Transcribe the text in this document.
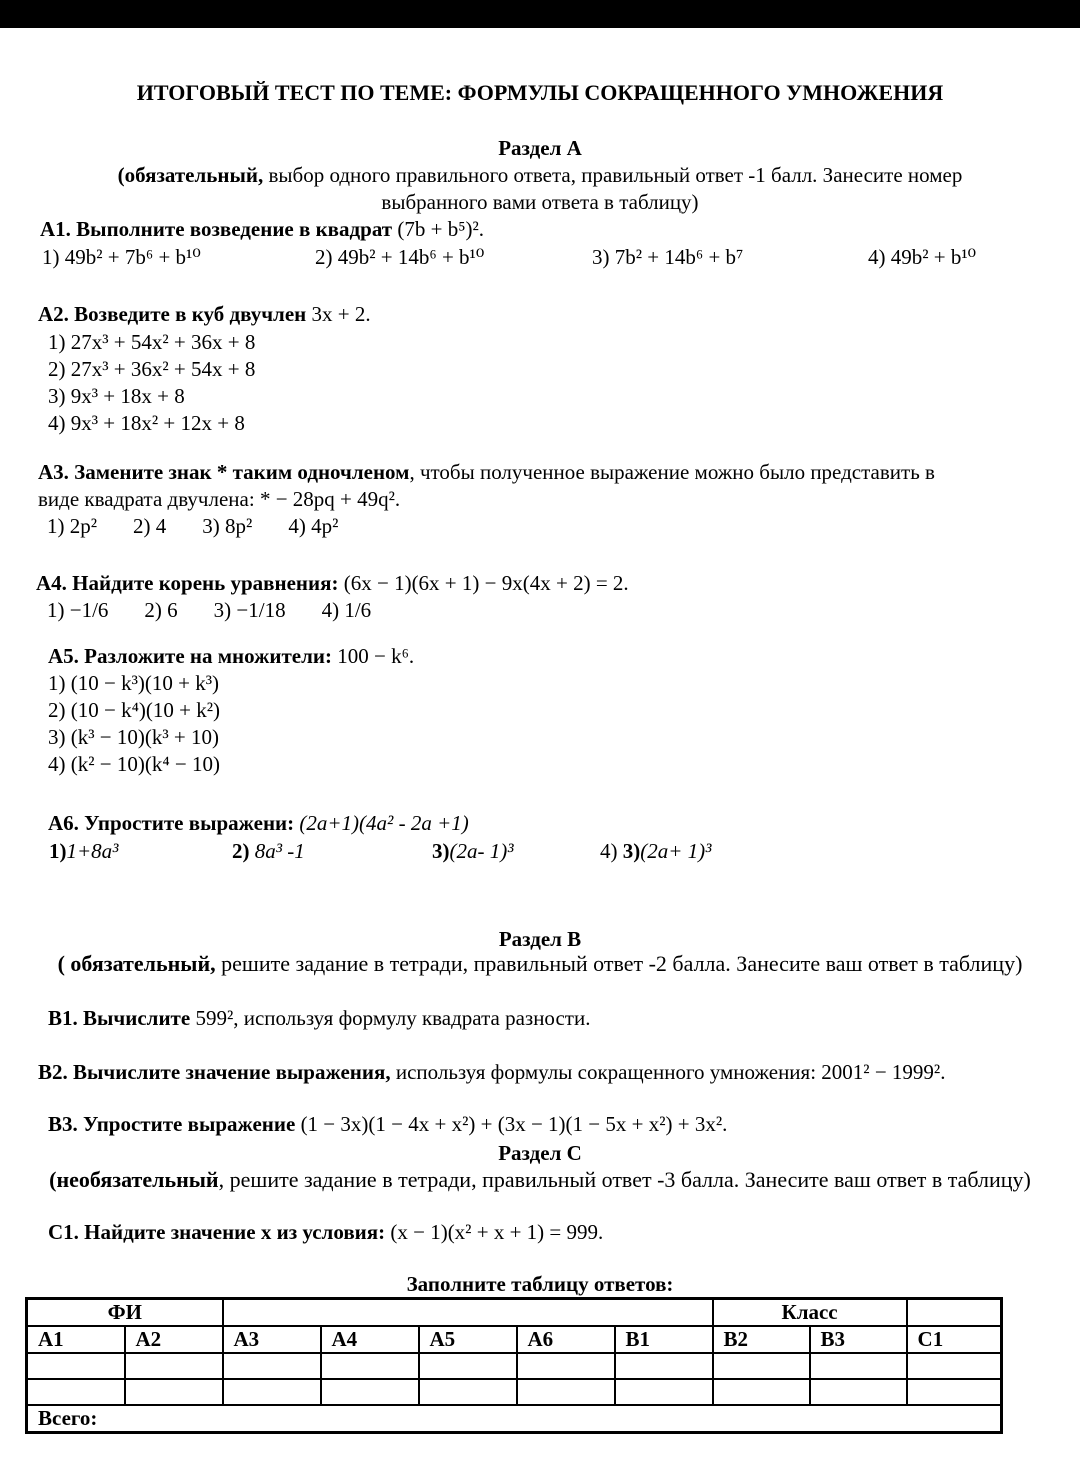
ИТОГОВЫЙ ТЕСТ ПО ТЕМЕ: ФОРМУЛЫ СОКРАЩЕННОГО УМНОЖЕНИЯ
Раздел А
(обязательный, выбор одного правильного ответа, правильный ответ -1 балл. Занесите номер
выбранного вами ответа в таблицу)
А1. Выполните возведение в квадрат (7b + b⁵)².
1) 49b² + 7b⁶ + b¹⁰	2) 49b² + 14b⁶ + b¹⁰	3) 7b² + 14b⁶ + b⁷	4) 49b² + b¹⁰
А2. Возведите в куб двучлен 3x + 2.
1) 27x³ + 54x² + 36x + 8
2) 27x³ + 36x² + 54x + 8
3) 9x³ + 18x + 8
4) 9x³ + 18x² + 12x + 8
А3. Замените знак * таким одночленом, чтобы полученное выражение можно было представить в
виде квадрата двучлена: * − 28pq + 49q².
1) 2p² 2) 4 3) 8p² 4) 4p²
А4. Найдите корень уравнения: (6x − 1)(6x + 1) − 9x(4x + 2) = 2.
1) −1/6 2) 6 3) −1/18 4) 1/6
А5. Разложите на множители: 100 − k⁶.
1) (10 − k³)(10 + k³)
2) (10 − k⁴)(10 + k²)
3) (k³ − 10)(k³ + 10)
4) (k² − 10)(k⁴ − 10)
А6. Упростите выражени: (2a+1)(4a² - 2a +1)
1)1+8a³	2) 8a³ -1	3)(2a- 1)³	4) 3)(2a+ 1)³
Раздел В
( обязательный, решите задание в тетради, правильный ответ -2 балла. Занесите ваш ответ в таблицу)
В1. Вычислите 599², используя формулу квадрата разности.
В2. Вычислите значение выражения, используя формулы сокращенного умножения: 2001² − 1999².
В3. Упростите выражение (1 − 3x)(1 − 4x + x²) + (3x − 1)(1 − 5x + x²) + 3x².
Раздел С
(необязательный, решите задание в тетради, правильный ответ -3 балла. Занесите ваш ответ в таблицу)
С1. Найдите значение x из условия: (x − 1)(x² + x + 1) = 999.
Заполните таблицу ответов:
ФИ							Класс		
А1	А2	А3	А4	А5	А6	В1	В2	В3	С1

Всего:									
